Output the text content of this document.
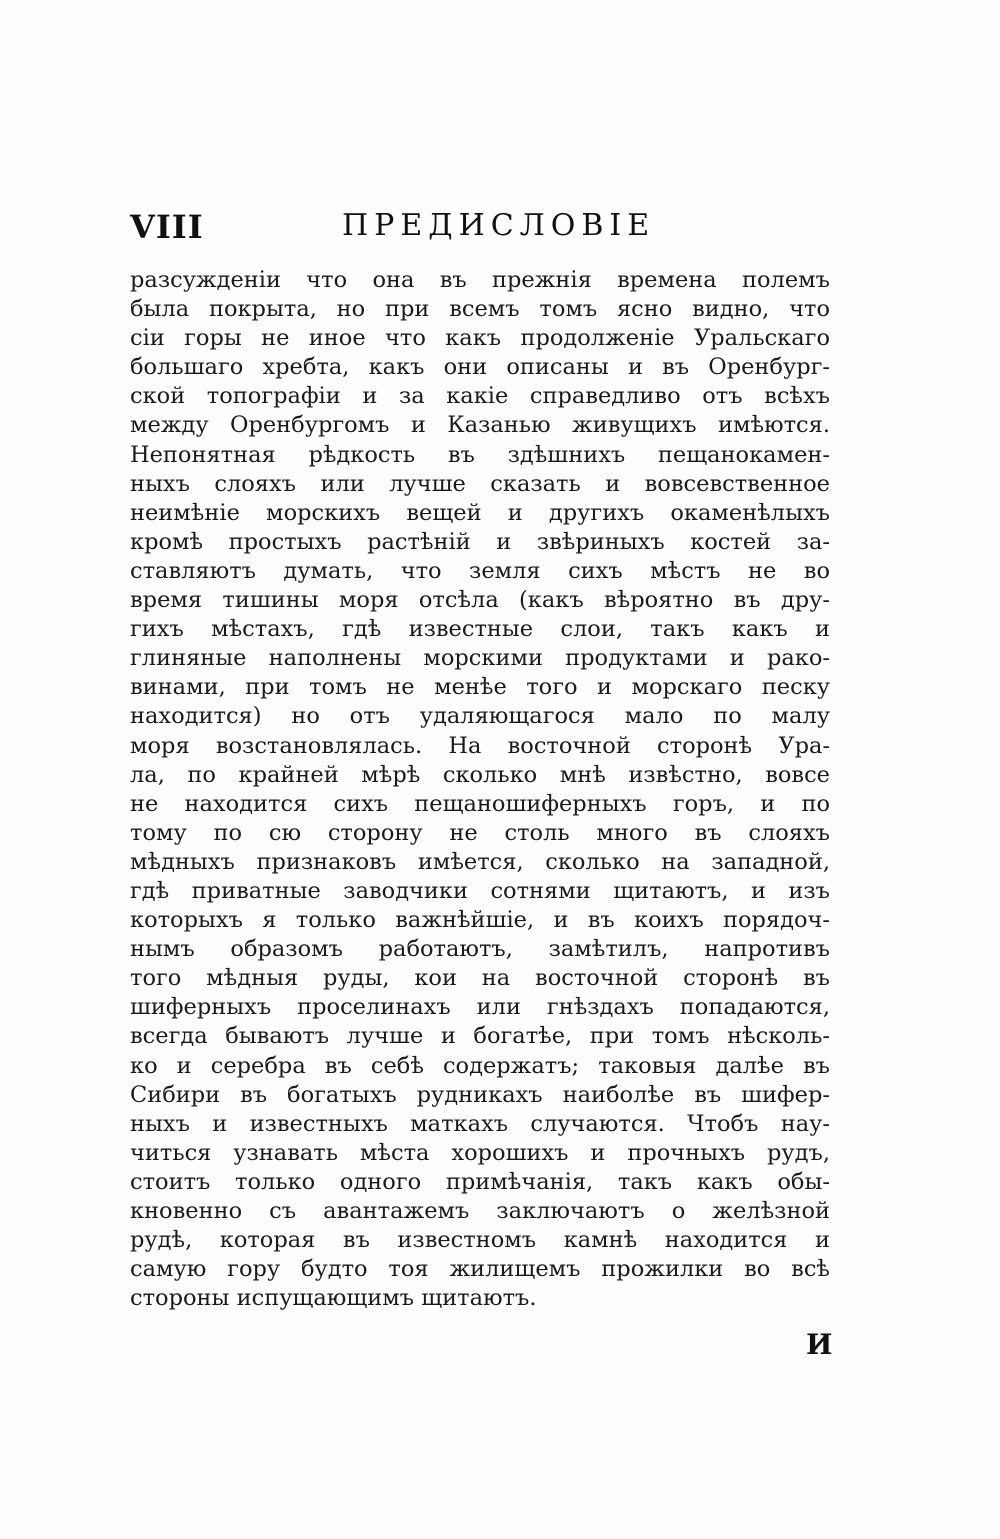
VIII	ПРЕДИСЛОВІЕ
разсужденіи что она въ прежнія времена полемъ
была покрыта, но при всемъ томъ ясно видно, что
сіи горы не иное что какъ продолженіе Уральскаго
большаго хребта, какъ они описаны и въ Оренбург-
ской топографіи и за какіе справедливо отъ всѣхъ
между Оренбургомъ и Казанью живущихъ имѣются.
Непонятная рѣдкость въ здѣшнихъ пещанокамен-
ныхъ слояхъ или лучше сказать и вовсевственное
неимѣніе морскихъ вещей и другихъ окаменѣлыхъ
кромѣ простыхъ растѣній и звѣриныхъ костей за-
ставляютъ думать, что земля сихъ мѣстъ не во
время тишины моря отсѣла (какъ вѣроятно въ дру-
гихъ мѣстахъ, гдѣ известные слои, такъ какъ и
глиняные наполнены морскими продуктами и рако-
винами, при томъ не менѣе того и морскаго песку
находится) но отъ удаляющагося мало по малу
моря возстановлялась. На восточной сторонѣ Ура-
ла, по крайней мѣрѣ сколько мнѣ извѣстно, вовсе
не находится сихъ пещаношиферныхъ горъ, и по
тому по сю сторону не столь много въ слояхъ
мѣдныхъ признаковъ имѣется, сколько на западной,
гдѣ приватные заводчики сотнями щитаютъ, и изъ
которыхъ я только важнѣйшіе, и въ коихъ порядоч-
нымъ образомъ работаютъ, замѣтилъ, напротивъ
того мѣдныя руды, кои на восточной сторонѣ въ
шиферныхъ проселинахъ или гнѣздахъ попадаются,
всегда бываютъ лучше и богатѣе, при томъ нѣсколь-
ко и серебра въ себѣ содержатъ; таковыя далѣе въ
Сибири въ богатыхъ рудникахъ наиболѣе въ шифер-
ныхъ и известныхъ маткахъ случаются. Чтобъ нау-
читься узнавать мѣста хорошихъ и прочныхъ рудъ,
стоитъ только одного примѣчанія, такъ какъ обы-
кновенно съ авантажемъ заключаютъ о желѣзной
рудѣ, которая въ известномъ камнѣ находится и
самую гору будто тоя жилищемъ прожилки во всѣ
стороны испущающимъ щитаютъ.
И
